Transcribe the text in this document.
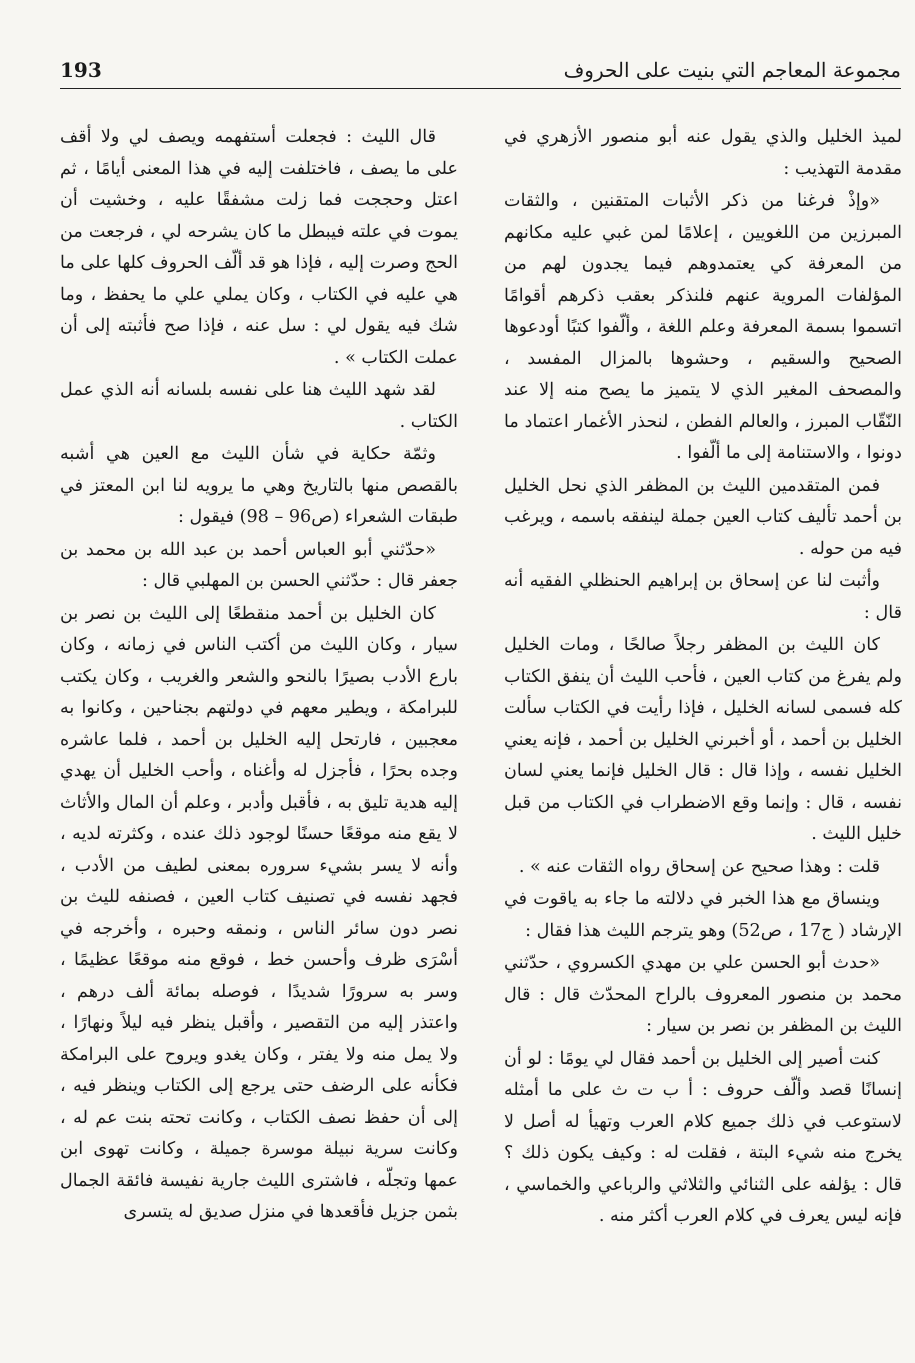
مجموعة المعاجم التي بنيت على الحروف
193

لميذ الخليل والذي يقول عنه أبو منصور الأزهري في مقدمة التهذيب :

«وإذْ فرغنا من ذكر الأثبات المتقنين ، والثقات المبرزين من اللغويين ، إعلامًا لمن غبي عليه مكانهم من المعرفة كي يعتمدوهم فيما يجدون لهم من المؤلفات المروية عنهم فلنذكر بعقب ذكرهم أقوامًا اتسموا بسمة المعرفة وعلم اللغة ، وألّفوا كتبًا أودعوها الصحيح والسقيم ، وحشوها بالمزال المفسد ، والمصحف المغير الذي لا يتميز ما يصح منه إلا عند النّقّاب المبرز ، والعالم الفطن ، لنحذر الأغمار اعتماد ما دونوا ، والاستنامة إلى ما ألّفوا .

فمن المتقدمين الليث بن المظفر الذي نحل الخليل بن أحمد تأليف كتاب العين جملة لينفقه باسمه ، ويرغب فيه من حوله .

وأثبت لنا عن إسحاق بن إبراهيم الحنظلي الفقيه أنه قال :

كان الليث بن المظفر رجلاً صالحًا ، ومات الخليل ولم يفرغ من كتاب العين ، فأحب الليث أن ينفق الكتاب كله فسمى لسانه الخليل ، فإذا رأيت في الكتاب سألت الخليل بن أحمد ، أو أخبرني الخليل بن أحمد ، فإنه يعني الخليل نفسه ، وإذا قال : قال الخليل فإنما يعني لسان نفسه ، قال : وإنما وقع الاضطراب في الكتاب من قبل خليل الليث .

قلت : وهذا صحيح عن إسحاق رواه الثقات عنه » .

وينساق مع هذا الخبر في دلالته ما جاء به ياقوت في الإرشاد ( ج17 ، ص52) وهو يترجم الليث هذا فقال :

«حدث أبو الحسن علي بن مهدي الكسروي ، حدّثني محمد بن منصور المعروف بالراح المحدّث قال : قال الليث بن المظفر بن نصر بن سيار :

كنت أصير إلى الخليل بن أحمد فقال لي يومًا : لو أن إنسانًا قصد وألّف حروف : أ ب ت ث على ما أمثله لاستوعب في ذلك جميع كلام العرب وتهيأ له أصل لا يخرج منه شيء البتة ، فقلت له : وكيف يكون ذلك ؟ قال : يؤلفه على الثنائي والثلاثي والرباعي والخماسي ، فإنه ليس يعرف في كلام العرب أكثر منه .

قال الليث : فجعلت أستفهمه ويصف لي ولا أقف على ما يصف ، فاختلفت إليه في هذا المعنى أيامًا ، ثم اعتل وحججت فما زلت مشفقًا عليه ، وخشيت أن يموت في علته فيبطل ما كان يشرحه لي ، فرجعت من الحج وصرت إليه ، فإذا هو قد ألّف الحروف كلها على ما هي عليه في الكتاب ، وكان يملي علي ما يحفظ ، وما شك فيه يقول لي : سل عنه ، فإذا صح فأثبته إلى أن عملت الكتاب » .

لقد شهد الليث هنا على نفسه بلسانه أنه الذي عمل الكتاب .

وثمّة حكاية في شأن الليث مع العين هي أشبه بالقصص منها بالتاريخ وهي ما يرويه لنا ابن المعتز في طبقات الشعراء (ص96 – 98) فيقول :

«حدّثني أبو العباس أحمد بن عبد الله بن محمد بن جعفر قال : حدّثني الحسن بن المهلبي قال :

كان الخليل بن أحمد منقطعًا إلى الليث بن نصر بن سيار ، وكان الليث من أكتب الناس في زمانه ، وكان بارع الأدب بصيرًا بالنحو والشعر والغريب ، وكان يكتب للبرامكة ، ويطير معهم في دولتهم بجناحين ، وكانوا به معجبين ، فارتحل إليه الخليل بن أحمد ، فلما عاشره وجده بحرًا ، فأجزل له وأغناه ، وأحب الخليل أن يهدي إليه هدية تليق به ، فأقبل وأدبر ، وعلم أن المال والأثاث لا يقع منه موقعًا حسنًا لوجود ذلك عنده ، وكثرته لديه ، وأنه لا يسر بشيء سروره بمعنى لطيف من الأدب ، فجهد نفسه في تصنيف كتاب العين ، فصنفه لليث بن نصر دون سائر الناس ، ونمقه وحبره ، وأخرجه في أسْرَى ظرف وأحسن خط ، فوقع منه موقعًا عظيمًا ، وسر به سرورًا شديدًا ، فوصله بمائة ألف درهم ، واعتذر إليه من التقصير ، وأقبل ينظر فيه ليلاً ونهارًا ، ولا يمل منه ولا يفتر ، وكان يغدو ويروح على البرامكة فكأنه على الرضف حتى يرجع إلى الكتاب وينظر فيه ، إلى أن حفظ نصف الكتاب ، وكانت تحته بنت عم له ، وكانت سرية نبيلة موسرة جميلة ، وكانت تهوى ابن عمها وتجلّه ، فاشترى الليث جارية نفيسة فائقة الجمال بثمن جزيل فأقعدها في منزل صديق له يتسرى
